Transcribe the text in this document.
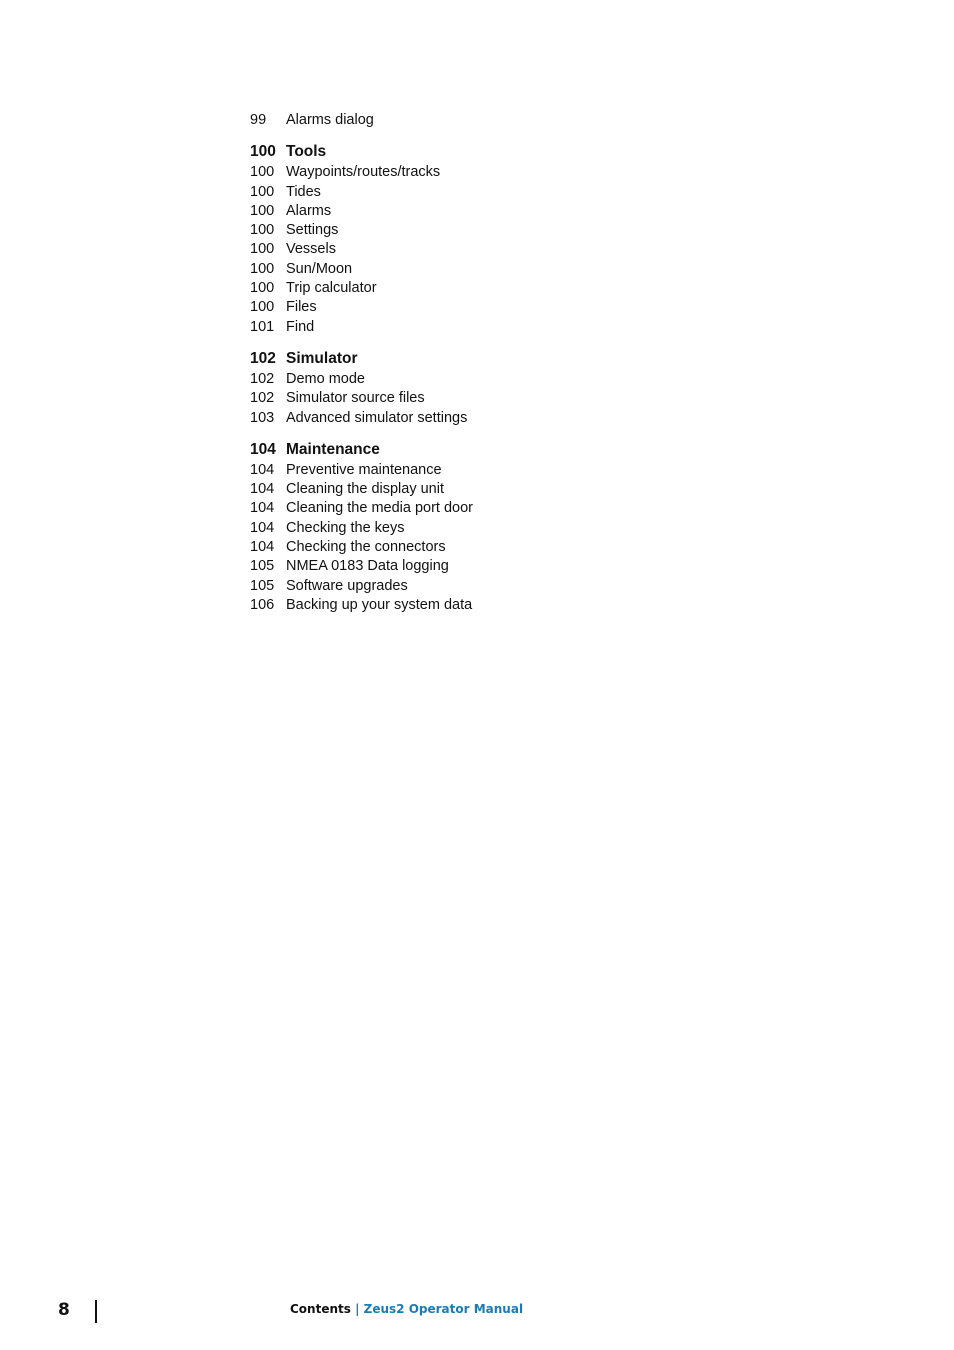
99	Alarms dialog
100 Tools
100 Waypoints/routes/tracks
100 Tides
100 Alarms
100 Settings
100 Vessels
100 Sun/Moon
100 Trip calculator
100 Files
101 Find
102 Simulator
102 Demo mode
102 Simulator source files
103 Advanced simulator settings
104 Maintenance
104 Preventive maintenance
104 Cleaning the display unit
104 Cleaning the media port door
104 Checking the keys
104 Checking the connectors
105 NMEA 0183 Data logging
105 Software upgrades
106 Backing up your system data
8	Contents | Zeus2 Operator Manual
